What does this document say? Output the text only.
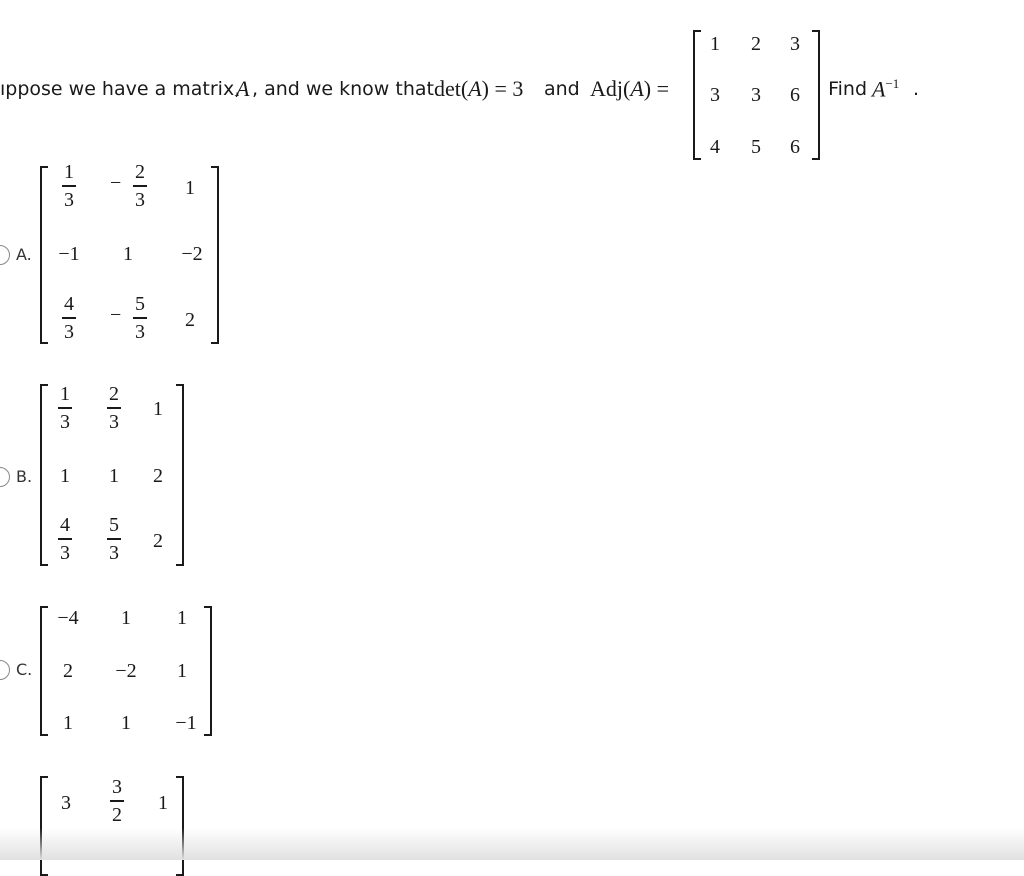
ıppose we have a matrix,
A , and we know that det(A) = 3 and Adj(A) =	. Find $A^{-1}$ .
1 2 3
3 3 6
4 5 6
A.
1
3
− 2
3
1
−1 1 −2
4
3
− 5
3
2
B.
1
3
2
3
1
1 1 2
4
3
5
3
2
C.
−4 1 1
2 −2 1
1 1 −1
3
3
2
1
